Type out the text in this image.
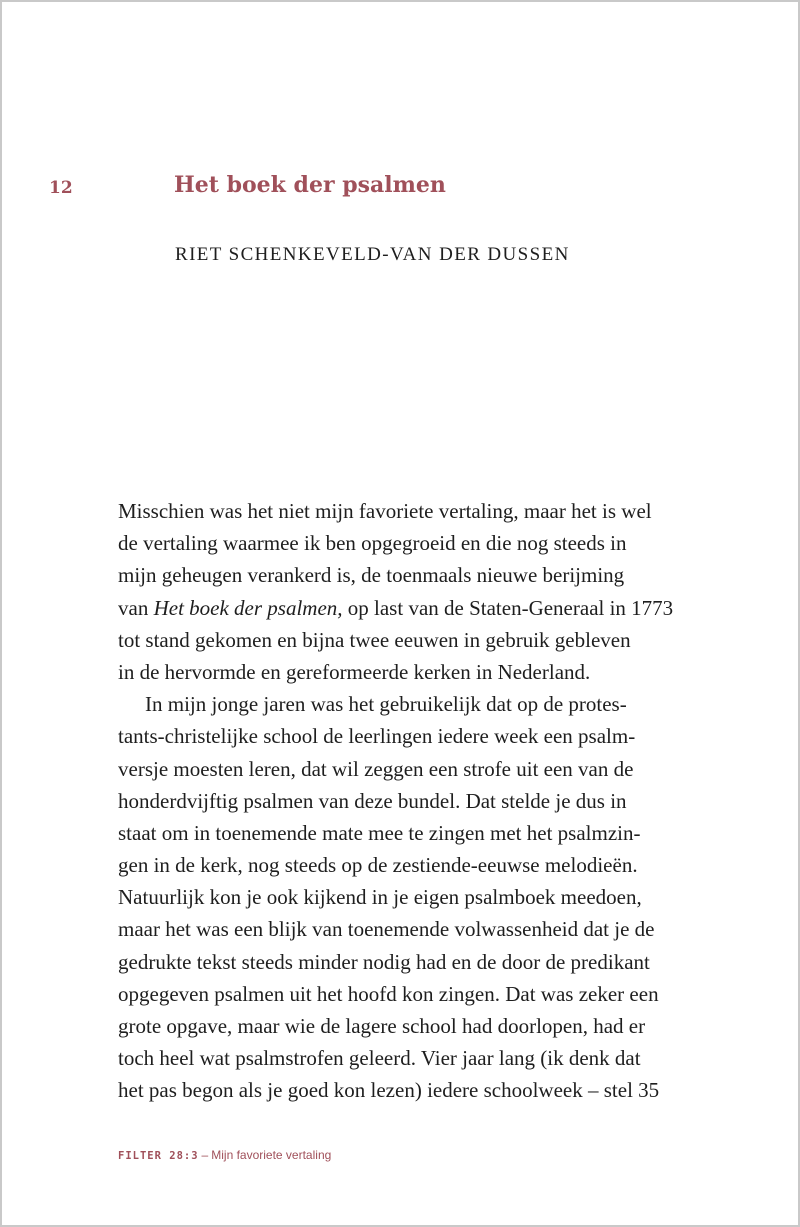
12	Het boek der psalmen
RIET SCHENKEVELD-VAN DER DUSSEN
Misschien was het niet mijn favoriete vertaling, maar het is wel
de vertaling waarmee ik ben opgegroeid en die nog steeds in
mijn geheugen verankerd is, de toenmaals nieuwe berijming
van Het boek der psalmen, op last van de Staten-Generaal in 1773
tot stand gekomen en bijna twee eeuwen in gebruik gebleven
in de hervormde en gereformeerde kerken in Nederland.
In mijn jonge jaren was het gebruikelijk dat op de protes-
tants-christelijke school de leerlingen iedere week een psalm-
versje moesten leren, dat wil zeggen een strofe uit een van de
honderdvijftig psalmen van deze bundel. Dat stelde je dus in
staat om in toenemende mate mee te zingen met het psalmzin-
gen in de kerk, nog steeds op de zestiende-eeuwse melodieën.
Natuurlijk kon je ook kijkend in je eigen psalmboek meedoen,
maar het was een blijk van toenemende volwassenheid dat je de
gedrukte tekst steeds minder nodig had en de door de predikant
opgegeven psalmen uit het hoofd kon zingen. Dat was zeker een
grote opgave, maar wie de lagere school had doorlopen, had er
toch heel wat psalmstrofen geleerd. Vier jaar lang (ik denk dat
het pas begon als je goed kon lezen) iedere schoolweek – stel 35
FILTER 28:3 – Mijn favoriete vertaling
